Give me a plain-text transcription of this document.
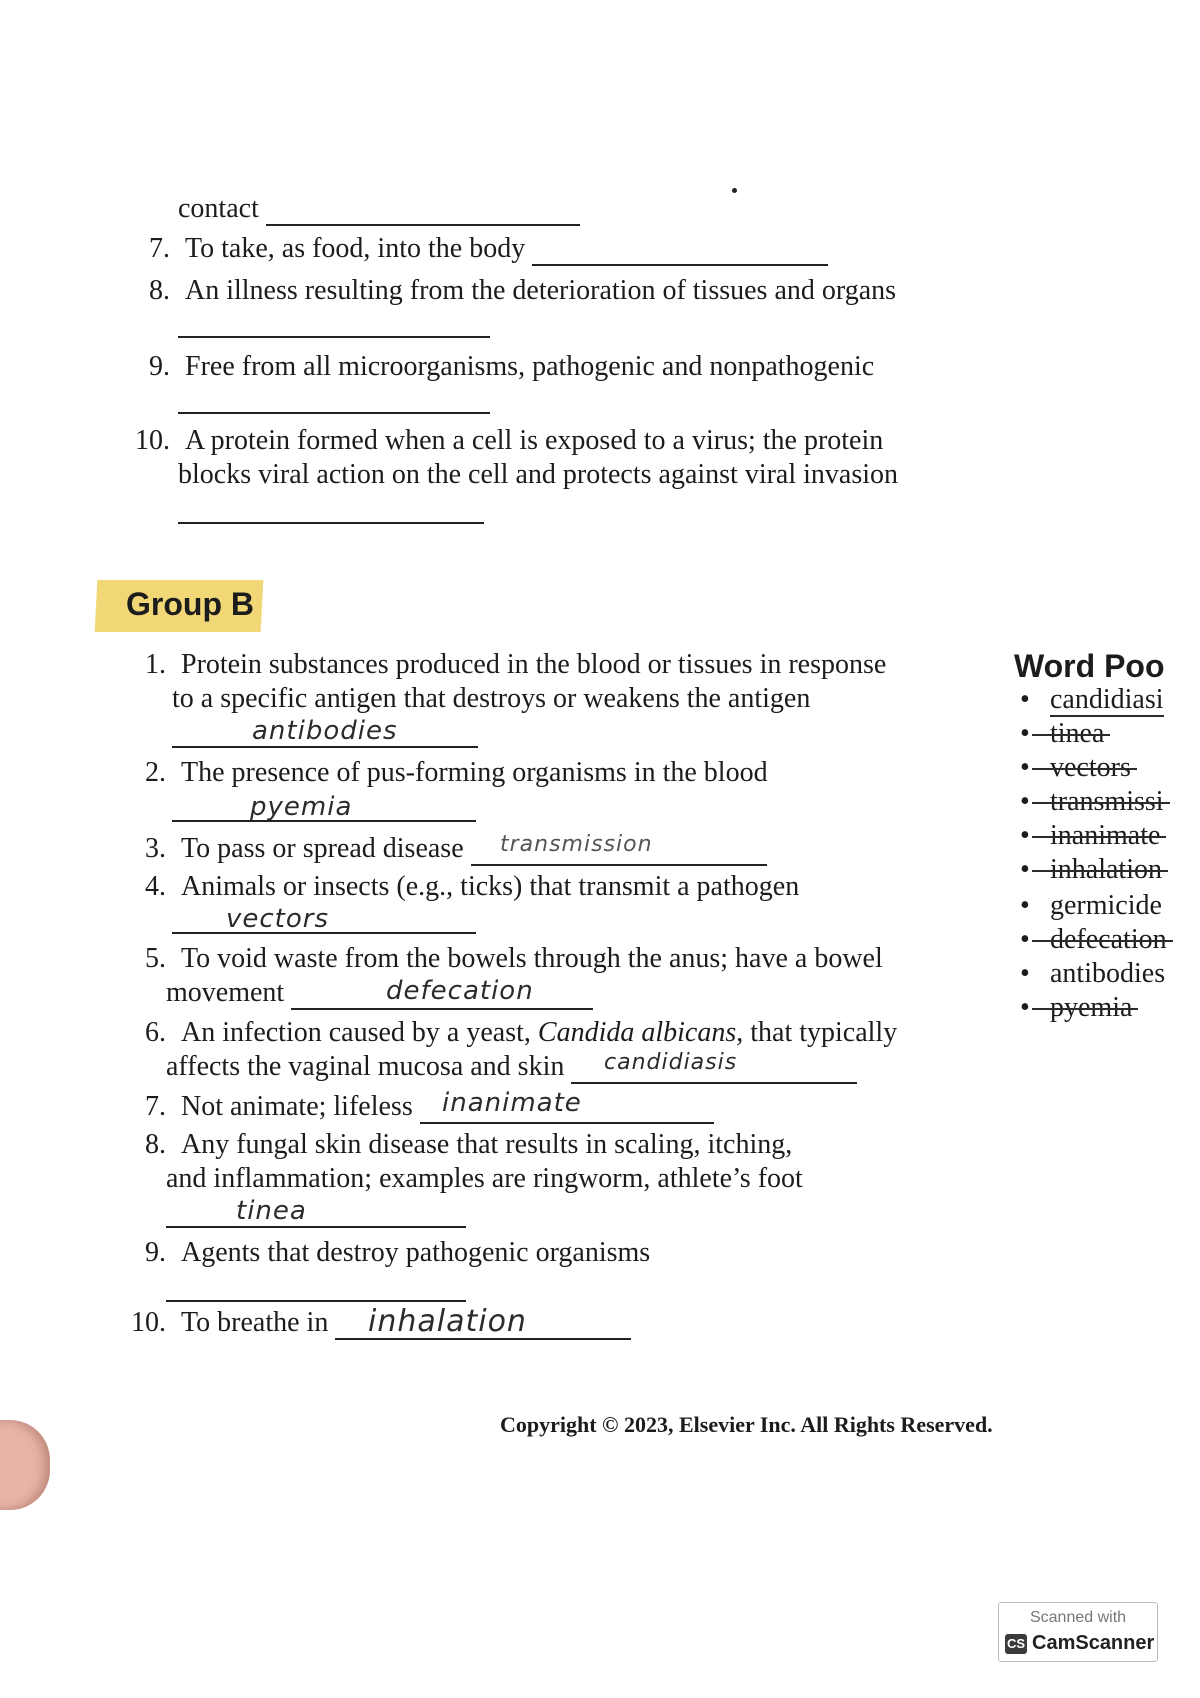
contact
7. To take, as food, into the body
8. An illness resulting from the deterioration of tissues and organs
9. Free from all microorganisms, pathogenic and nonpathogenic
10. A protein formed when a cell is exposed to a virus; the protein
blocks viral action on the cell and protects against viral invasion
Group B
1. Protein substances produced in the blood or tissues in response
to a specific antigen that destroys or weakens the antigen
antibodies
2. The presence of pus-forming organisms in the blood
pyemia
3. To pass or spread disease	transmission
4. Animals or insects (e.g., ticks) that transmit a pathogen
vectors
5. To void waste from the bowels through the anus; have a bowel
movement	defecation
6. An infection caused by a yeast, Candida albicans, that typically
affects the vaginal mucosa and skin	candidiasis
7. Not animate; lifeless	inanimate
8. Any fungal skin disease that results in scaling, itching,
and inflammation; examples are ringworm, athlete’s foot
tinea
9. Agents that destroy pathogenic organisms
10. To breathe in	inhalation
Word Poo
• candidiasi
• tinea
• vectors
• transmissi
• inanimate
• inhalation
• germicide
• defecation
• antibodies
• pyemia
Copyright © 2023, Elsevier Inc. All Rights Reserved.
Scanned with
CS CamScanner
